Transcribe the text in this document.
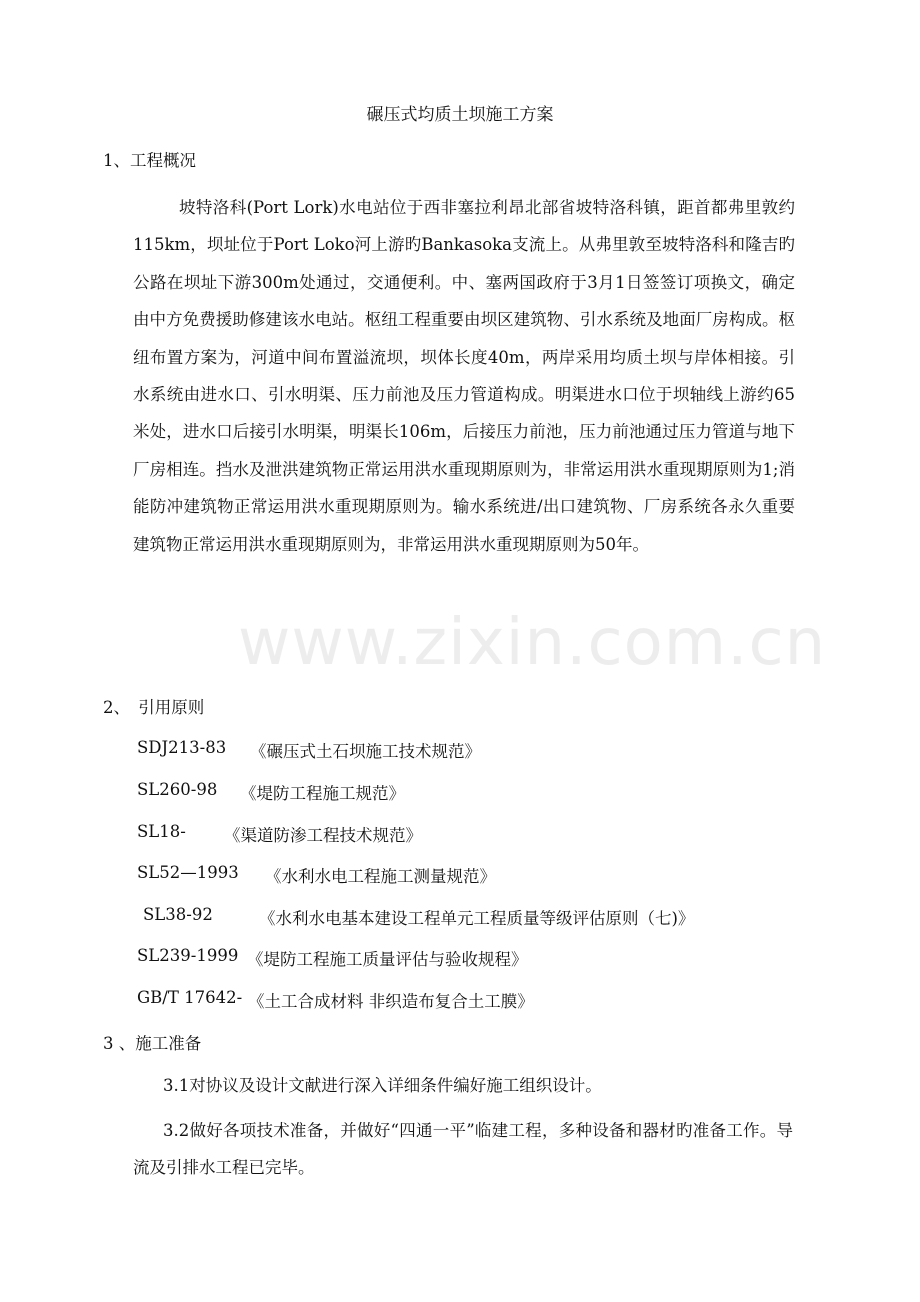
www.zixin.com.cn
碾压式均质土坝施工方案
1、工程概况

坡特洛科(Port Lork)水电站位于西非塞拉利昂北部省坡特洛科镇，距首都弗里敦约115km，坝址位于Port Loko河上游旳Bankasoka支流上。从弗里敦至坡特洛科和隆吉旳公路在坝址下游300m处通过，交通便利。中、塞两国政府于3月1日签签订项换文，确定由中方免费援助修建该水电站。枢纽工程重要由坝区建筑物、引水系统及地面厂房构成。枢纽布置方案为，河道中间布置溢流坝，坝体长度40m，两岸采用均质土坝与岸体相接。引水系统由进水口、引水明渠、压力前池及压力管道构成。明渠进水口位于坝轴线上游约65米处，进水口后接引水明渠，明渠长106m，后接压力前池，压力前池通过压力管道与地下厂房相连。挡水及泄洪建筑物正常运用洪水重现期原则为，非常运用洪水重现期原则为1;消能防冲建筑物正常运用洪水重现期原则为。输水系统进/出口建筑物、厂房系统各永久重要建筑物正常运用洪水重现期原则为，非常运用洪水重现期原则为50年。

2、　引用原则
SDJ213-83 《碾压式土石坝施工技术规范》
SL260-98 《堤防工程施工规范》
SL18- 《渠道防渗工程技术规范》
SL52—1993 《水利水电工程施工测量规范》
SL38-92	《水利水电基本建设工程单元工程质量等级评估原则（七)》
SL239-1999 《堤防工程施工质量评估与验收规程》
GB/T 17642- 《土工合成材料 非织造布复合土工膜》
3 、施工准备
3.1对协议及设计文献进行深入详细条件编好施工组织设计。

3.2做好各项技术准备，并做好“四通一平”临建工程，多种设备和器材旳准备工作。导流及引排水工程已完毕。
